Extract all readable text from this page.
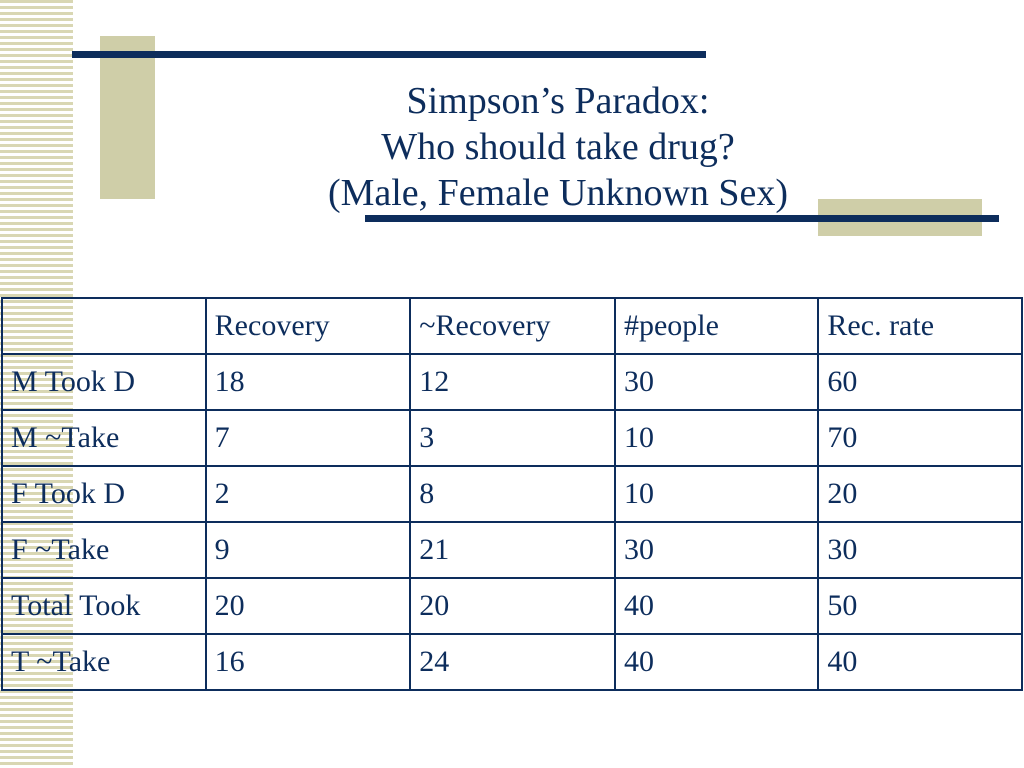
Simpson’s Paradox:
Who should take drug?
(Male, Female Unknown Sex)
	Recovery	~Recovery	#people	Rec. rate
M Took D	18	12	30	60
M ~Take	7	3	10	70
F Took D	2	8	10	20
F ~Take	9	21	30	30
Total Took	20	20	40	50
T ~Take	16	24	40	40
